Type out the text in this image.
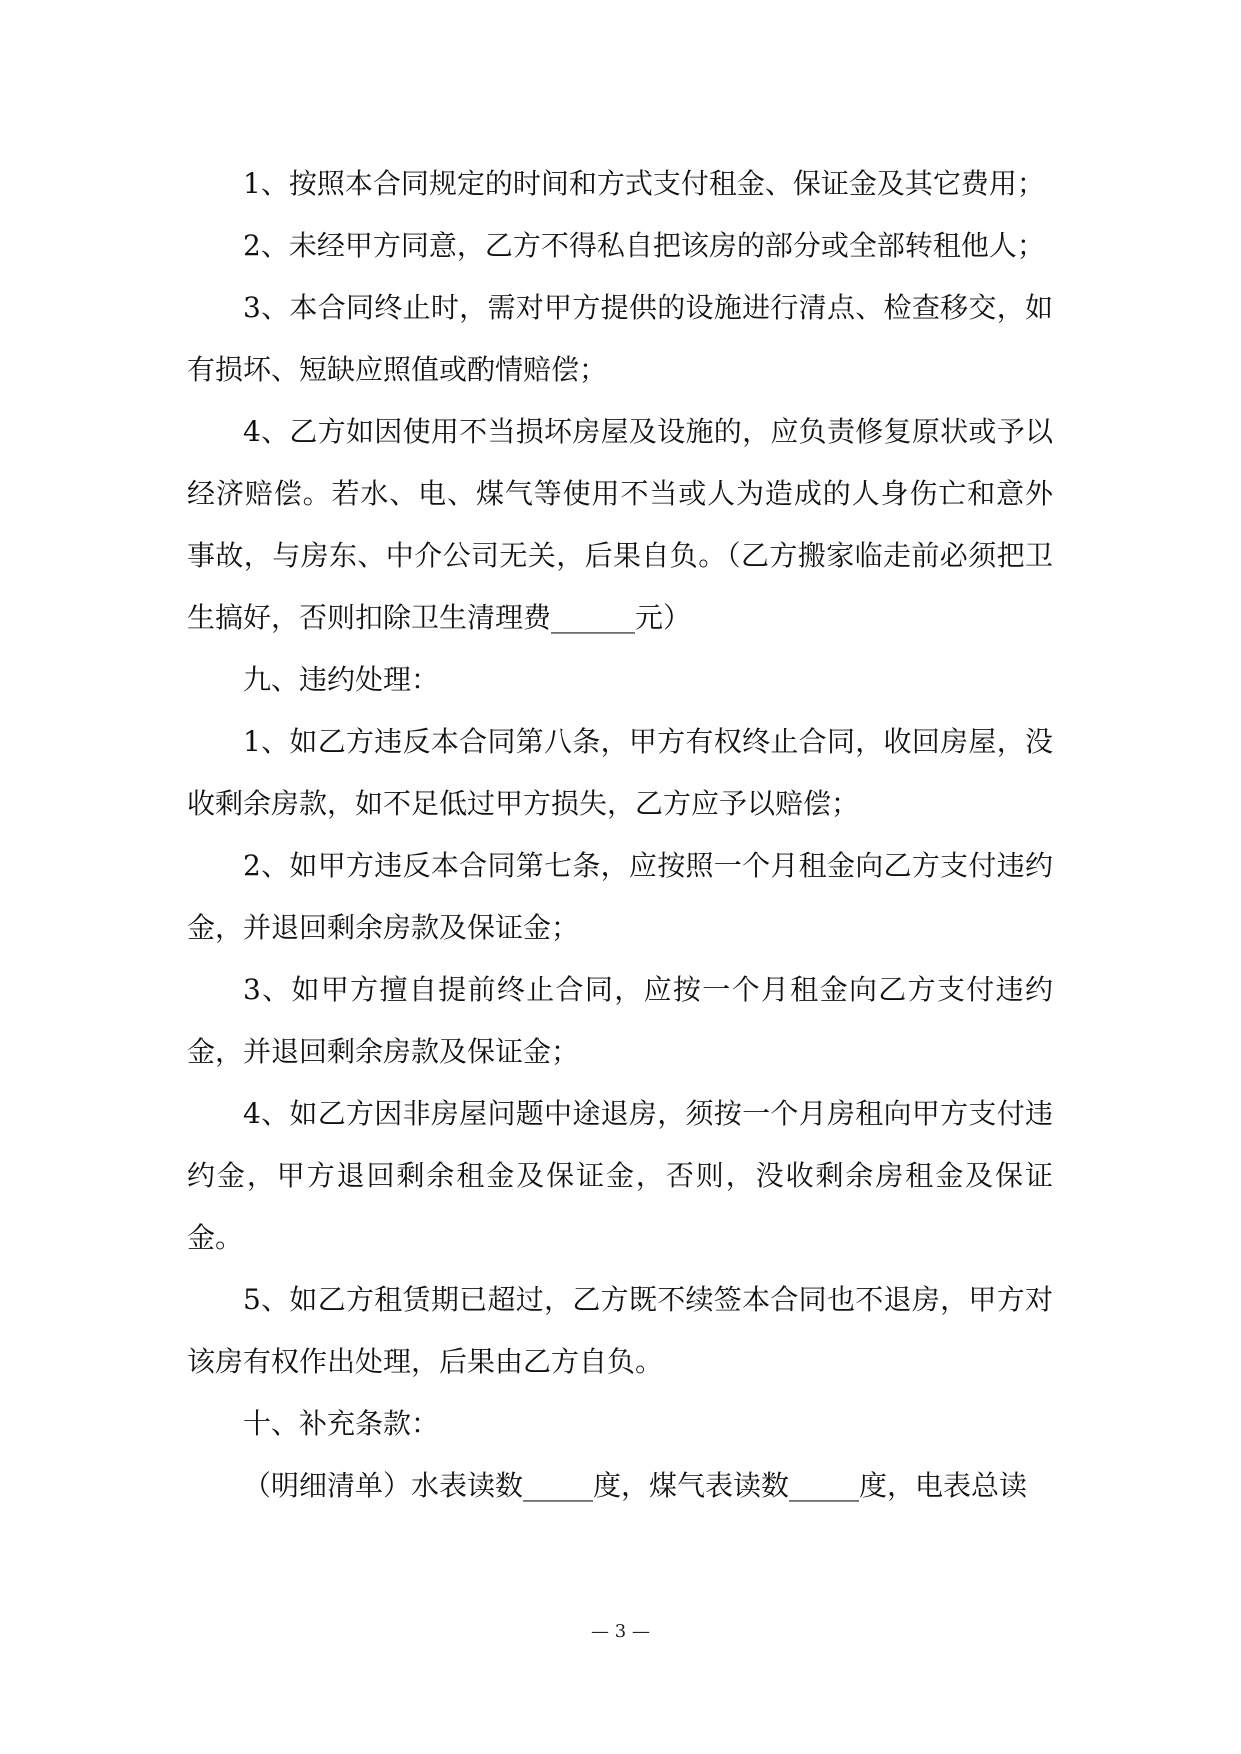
1、按照本合同规定的时间和方式支付租金、保证金及其它费用；

2、未经甲方同意，乙方不得私自把该房的部分或全部转租他人；

3、本合同终止时，需对甲方提供的设施进行清点、检查移交，如有损坏、短缺应照值或酌情赔偿；

4、乙方如因使用不当损坏房屋及设施的，应负责修复原状或予以经济赔偿。若水、电、煤气等使用不当或人为造成的人身伤亡和意外事故，与房东、中介公司无关，后果自负。（乙方搬家临走前必须把卫生搞好，否则扣除卫生清理费______元）

九、违约处理：

1、如乙方违反本合同第八条，甲方有权终止合同，收回房屋，没收剩余房款，如不足低过甲方损失，乙方应予以赔偿；

2、如甲方违反本合同第七条，应按照一个月租金向乙方支付违约金，并退回剩余房款及保证金；

3、如甲方擅自提前终止合同，应按一个月租金向乙方支付违约金，并退回剩余房款及保证金；

4、如乙方因非房屋问题中途退房，须按一个月房租向甲方支付违约金，甲方退回剩余租金及保证金，否则，没收剩余房租金及保证金。

5、如乙方租赁期已超过，乙方既不续签本合同也不退房，甲方对该房有权作出处理，后果由乙方自负。

十、补充条款：

（明细清单）水表读数_____度，煤气表读数_____度，电表总读

— 3 —
